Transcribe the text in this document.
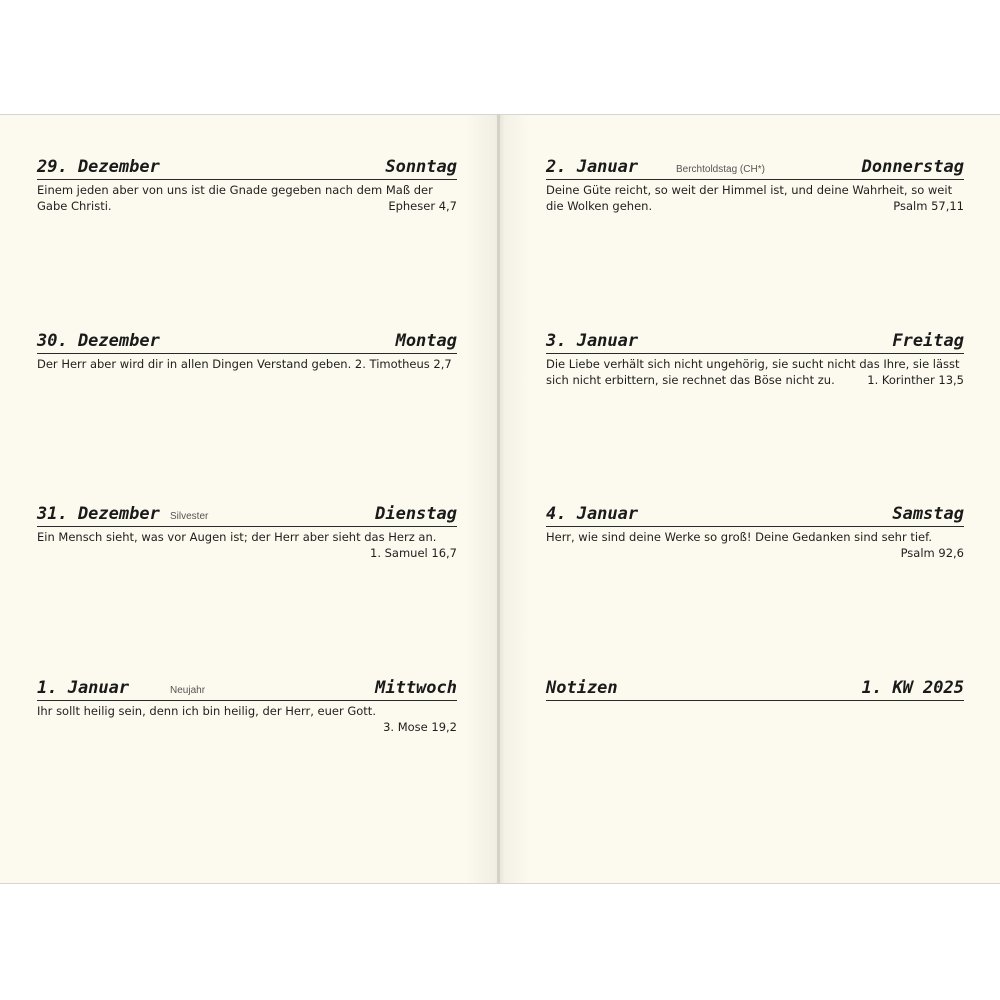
29. Dezember	Sonntag
Einem jeden aber von uns ist die Gnade gegeben nach dem Maß der Gabe Christi.	Epheser 4,7
30. Dezember	Montag
Der Herr aber wird dir in allen Dingen Verstand geben. 2. Timotheus 2,7
31. Dezember Silvester	Dienstag
Ein Mensch sieht, was vor Augen ist; der Herr aber sieht das Herz an.
1. Samuel 16,7
1. Januar	Neujahr	Mittwoch
Ihr sollt heilig sein, denn ich bin heilig, der Herr, euer Gott.
3. Mose 19,2
2. Januar	Berchtoldstag (CH*)	Donnerstag
Deine Güte reicht, so weit der Himmel ist, und deine Wahrheit, so weit die Wolken gehen.	Psalm 57,11
3. Januar	Freitag
Die Liebe verhält sich nicht ungehörig, sie sucht nicht das Ihre, sie lässt sich nicht erbittern, sie rechnet das Böse nicht zu.	1. Korinther 13,5
4. Januar	Samstag
Herr, wie sind deine Werke so groß! Deine Gedanken sind sehr tief.
Psalm 92,6
Notizen	1. KW 2025
